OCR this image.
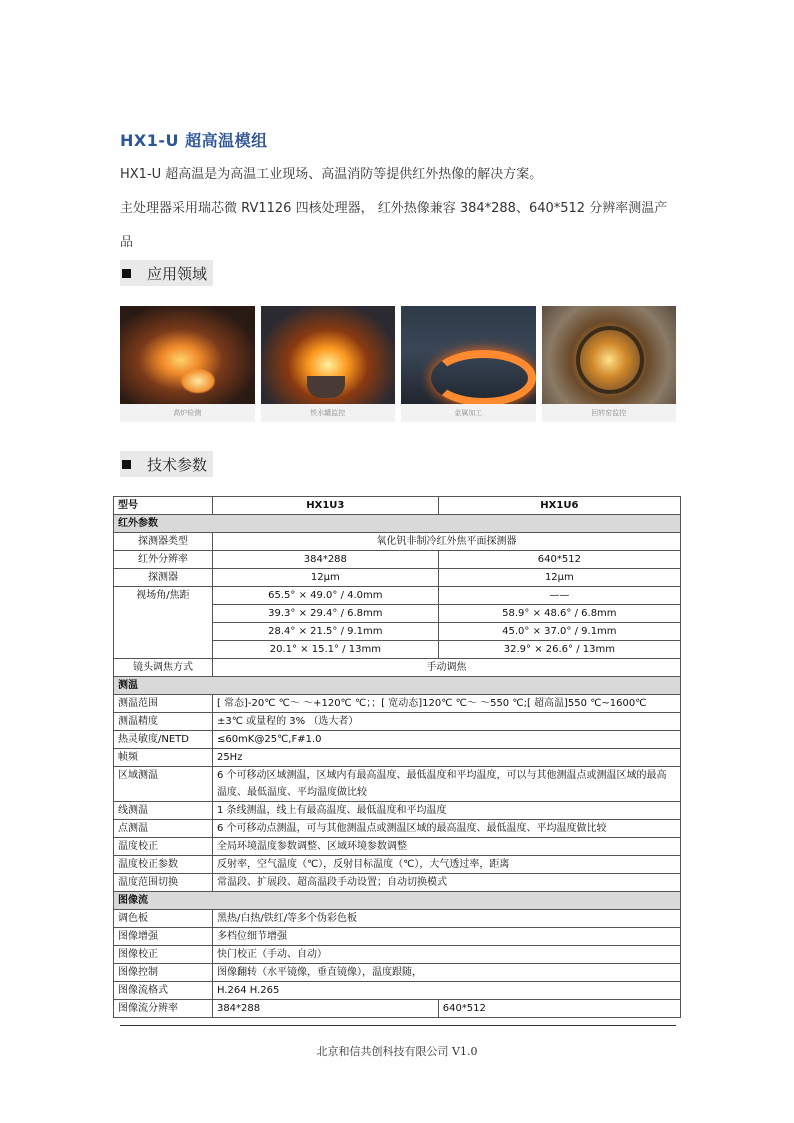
HX1-U 超高温模组
HX1-U 超高温是为高温工业现场、高温消防等提供红外热像的解决方案。
主处理器采用瑞芯微 RV1126 四核处理器， 红外热像兼容 384*288、640*512 分辨率测温产品
应用领域
高炉检测	铁水罐监控	金属加工	回转窑监控
技术参数
型号	HX1U3	HX1U6
红外参数		
探测器类型	氧化钒非制冷红外焦平面探测器	
红外分辨率	384*288	640*512
探测器	12μm	12μm
视场角/焦距	65.5° × 49.0° / 4.0mm	——
	39.3° × 29.4° / 6.8mm	58.9° × 48.6° / 6.8mm
	28.4° × 21.5° / 9.1mm	45.0° × 37.0° / 9.1mm
	20.1° × 15.1° / 13mm	32.9° × 26.6° / 13mm
镜头调焦方式	手动调焦	
测温		
测温范围	[ 常态]-20℃ ℃～ ～+120℃ ℃；；[ 宽动态]120℃ ℃～ ～550 ℃;[ 超高温]550 ℃~1600℃	
测温精度	±3℃ 或量程的 3% （选大者）	
热灵敏度/NETD	≤60mK@25℃,F#1.0	
帧频	25Hz	
区域测温	6 个可移动区域测温，区域内有最高温度、最低温度和平均温度，可以与其他测温点或测温区域的最高温度、最低温度、平均温度做比较	
线测温	1 条线测温，线上有最高温度、最低温度和平均温度	
点测温	6 个可移动点测温，可与其他测温点或测温区域的最高温度、最低温度、平均温度做比较	
温度校正	全局环境温度参数调整、区域环境参数调整	
温度校正参数	反射率，空气温度（℃），反射目标温度（℃），大气透过率，距离	
温度范围切换	常温段、扩展段、超高温段手动设置；自动切换模式	
图像流		
调色板	黑热/白热/铁红/等多个伪彩色板	
图像增强	多档位细节增强	
图像校正	快门校正（手动、自动）	
图像控制	图像翻转（水平镜像，垂直镜像），温度跟随，	
图像流格式	H.264 H.265	
图像流分辨率	384*288	640*512
北京和信共创科技有限公司 V1.0
